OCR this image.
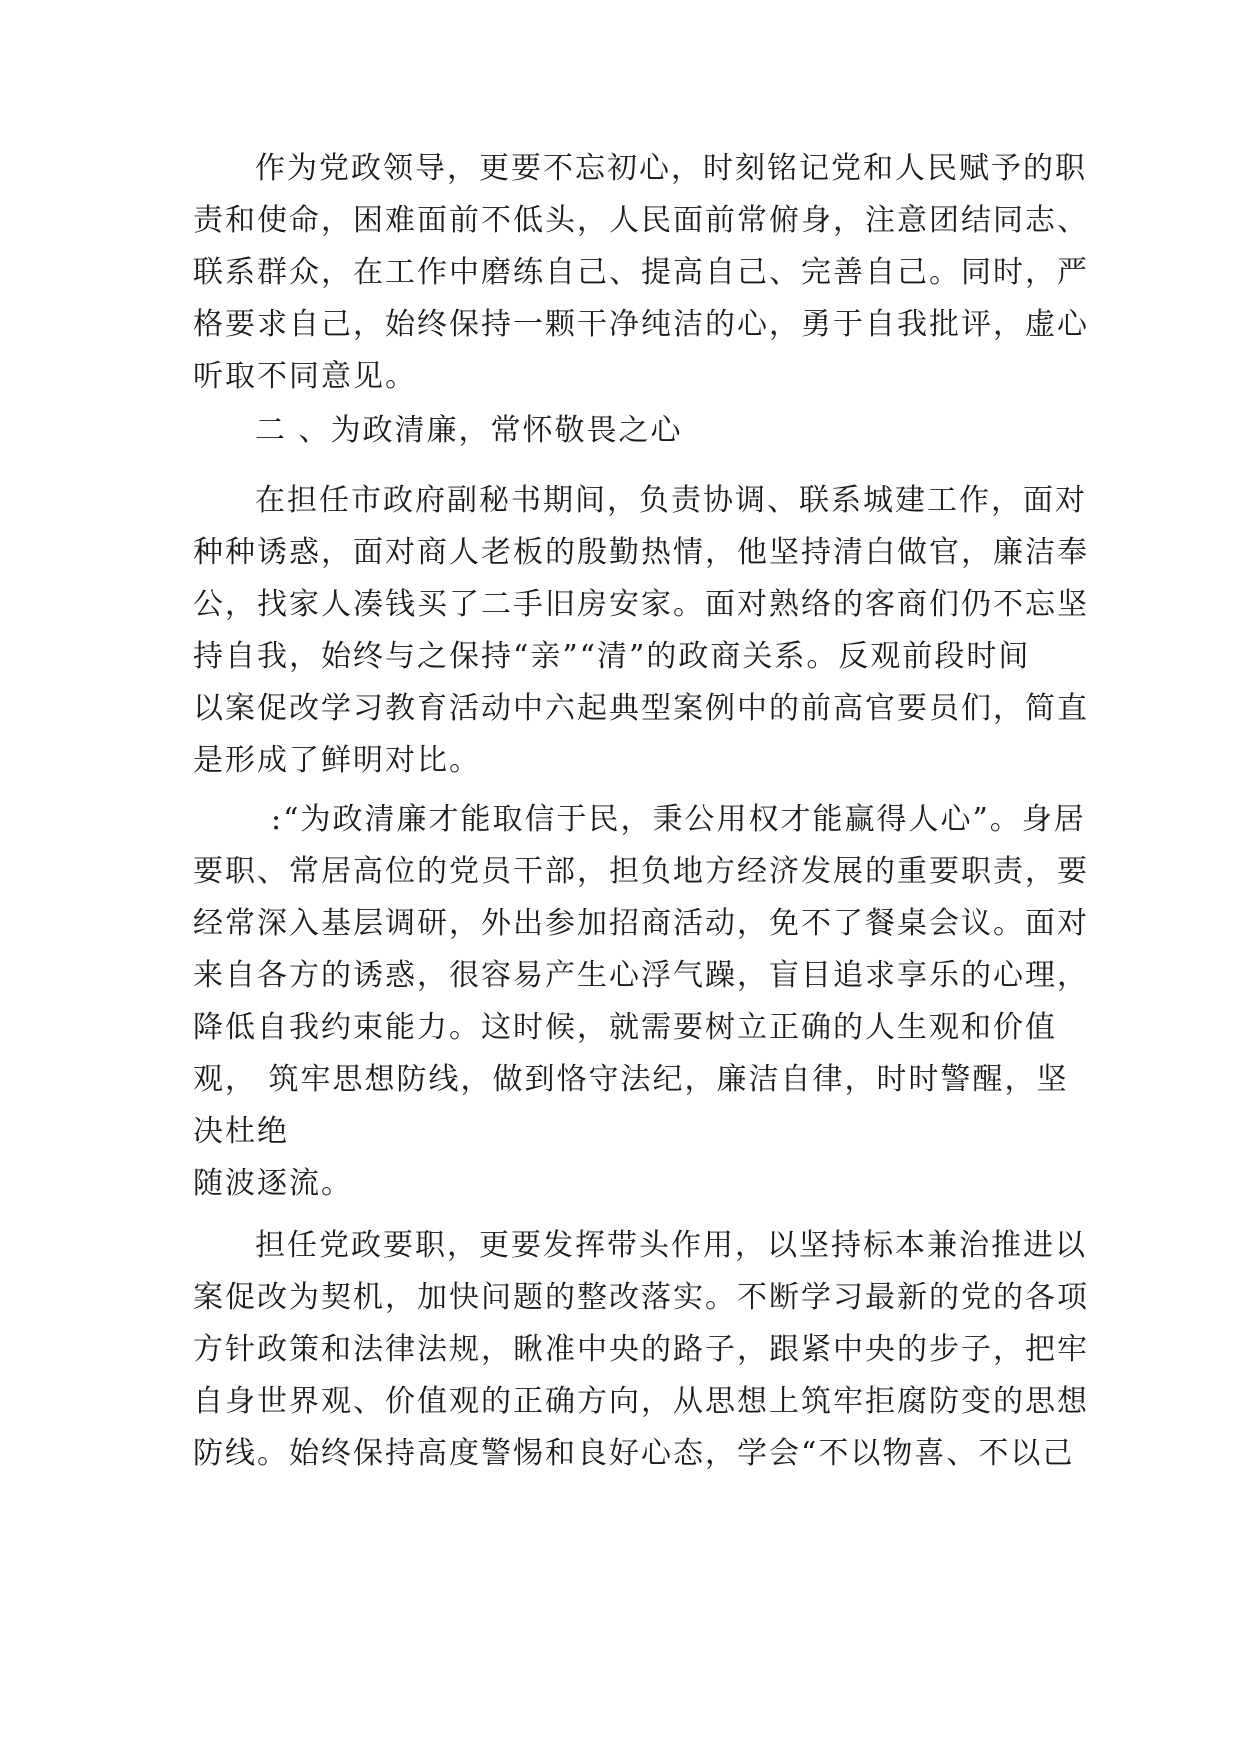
作为党政领导，更要不忘初心，时刻铭记党和人民赋予的职
责和使命，困难面前不低头，人民面前常俯身，注意团结同志、
联系群众，在工作中磨练自己、提高自己、完善自己。同时，严
格要求自己，始终保持一颗干净纯洁的心，勇于自我批评，虚心
听取不同意见。
二 、为政清廉，常怀敬畏之心
在担任市政府副秘书期间，负责协调、联系城建工作，面对
种种诱惑，面对商人老板的殷勤热情，他坚持清白做官，廉洁奉
公，找家人凑钱买了二手旧房安家。面对熟络的客商们仍不忘坚
持自我，始终与之保持“亲”“清”的政商关系。反观前段时间
以案促改学习教育活动中六起典型案例中的前高官要员们，简直
是形成了鲜明对比。
:“为政清廉才能取信于民，秉公用权才能赢得人心”。身居
要职、常居高位的党员干部，担负地方经济发展的重要职责，要
经常深入基层调研，外出参加招商活动，免不了餐桌会议。面对
来自各方的诱惑，很容易产生心浮气躁，盲目追求享乐的心理，
降低自我约束能力。这时候，就需要树立正确的人生观和价值
观， 筑牢思想防线，做到恪守法纪，廉洁自律，时时警醒，坚
决杜绝
随波逐流。
担任党政要职，更要发挥带头作用，以坚持标本兼治推进以
案促改为契机，加快问题的整改落实。不断学习最新的党的各项
方针政策和法律法规，瞅准中央的路子，跟紧中央的步子，把牢
自身世界观、价值观的正确方向，从思想上筑牢拒腐防变的思想
防线。始终保持高度警惕和良好心态，学会“不以物喜、不以己
